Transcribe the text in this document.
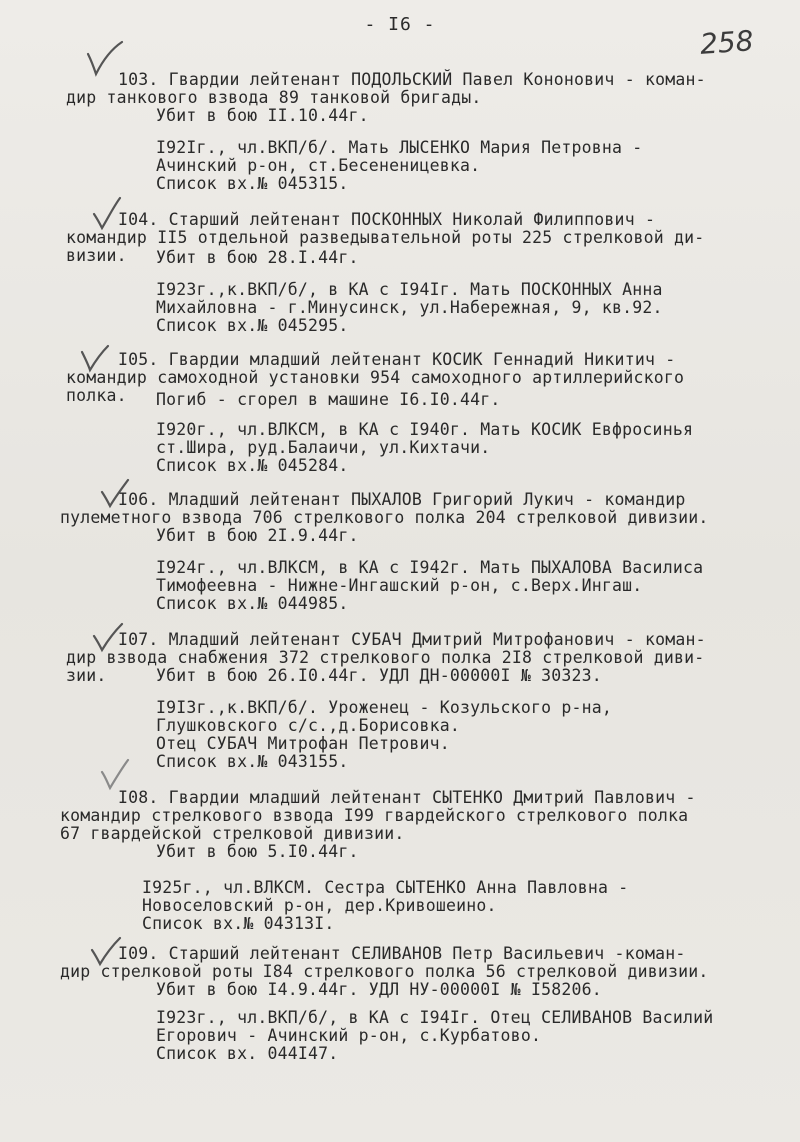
- I6 -	258
103. Гвардии лейтенант ПОДОЛЬСКИЙ Павел Кононович - коман-
дир танкового взвода 89 танковой бригады.
Убит в бою II.10.44г.
I92Iг., чл.ВКП/б/. Мать ЛЫСЕНКО Мария Петровна -
Ачинский р-он, ст.Бесененицевка.
Список вх.№ 045315.
I04. Старший лейтенант ПОСКОННЫХ Николай Филиппович -
командир II5 отдельной разведывательной роты 225 стрелковой ди-
визии. Убит в бою 28.I.44г.
I923г.,к.ВКП/б/, в КА с I94Iг. Мать ПОСКОННЫХ Анна
Михайловна - г.Минусинск, ул.Набережная, 9, кв.92.
Список вх.№ 045295.
I05. Гвардии младший лейтенант КОСИК Геннадий Никитич -
командир самоходной установки 954 самоходного артиллерийского
полка. Погиб - сгорел в машине I6.I0.44г.
I920г., чл.ВЛКСМ, в КА с I940г. Мать КОСИК Евфросинья
ст.Шира, руд.Балаичи, ул.Кихтачи.
Список вх.№ 045284.
I06. Младший лейтенант ПЫХАЛОВ Григорий Лукич - командир
пулеметного взвода 706 стрелкового полка 204 стрелковой дивизии.
Убит в бою 2I.9.44г.
I924г., чл.ВЛКСМ, в КА с I942г. Мать ПЫХАЛОВА Василиса
Тимофеевна - Нижне-Ингашский р-он, с.Верх.Ингаш.
Список вх.№ 044985.
I07. Младший лейтенант СУБАЧ Дмитрий Митрофанович - коман-
дир взвода снабжения 372 стрелкового полка 2I8 стрелковой диви-
зии.	Убит в бою 26.I0.44г. УДЛ ДН-00000I № 30323.
I9I3г.,к.ВКП/б/. Уроженец - Козульского р-на,
Глушковского с/с.,д.Борисовка.
Отец СУБАЧ Митрофан Петрович.
Список вх.№ 043155.
I08. Гвардии младший лейтенант СЫТЕНКО Дмитрий Павлович -
командир стрелкового взвода I99 гвардейского стрелкового полка
67 гвардейской стрелковой дивизии.
Убит в бою 5.I0.44г.
I925г., чл.ВЛКСМ. Сестра СЫТЕНКО Анна Павловна -
Новоселовский р-он, дер.Кривошеино.
Список вх.№ 04313I.
I09. Старший лейтенант СЕЛИВАНОВ Петр Васильевич -коман-
дир стрелковой роты I84 стрелкового полка 56 стрелковой дивизии.
Убит в бою I4.9.44г. УДЛ НУ-00000I № I58206.
I923г., чл.ВКП/б/, в КА с I94Iг. Отец СЕЛИВАНОВ Василий
Егорович - Ачинский р-он, с.Курбатово.
Список вх. 044I47.
